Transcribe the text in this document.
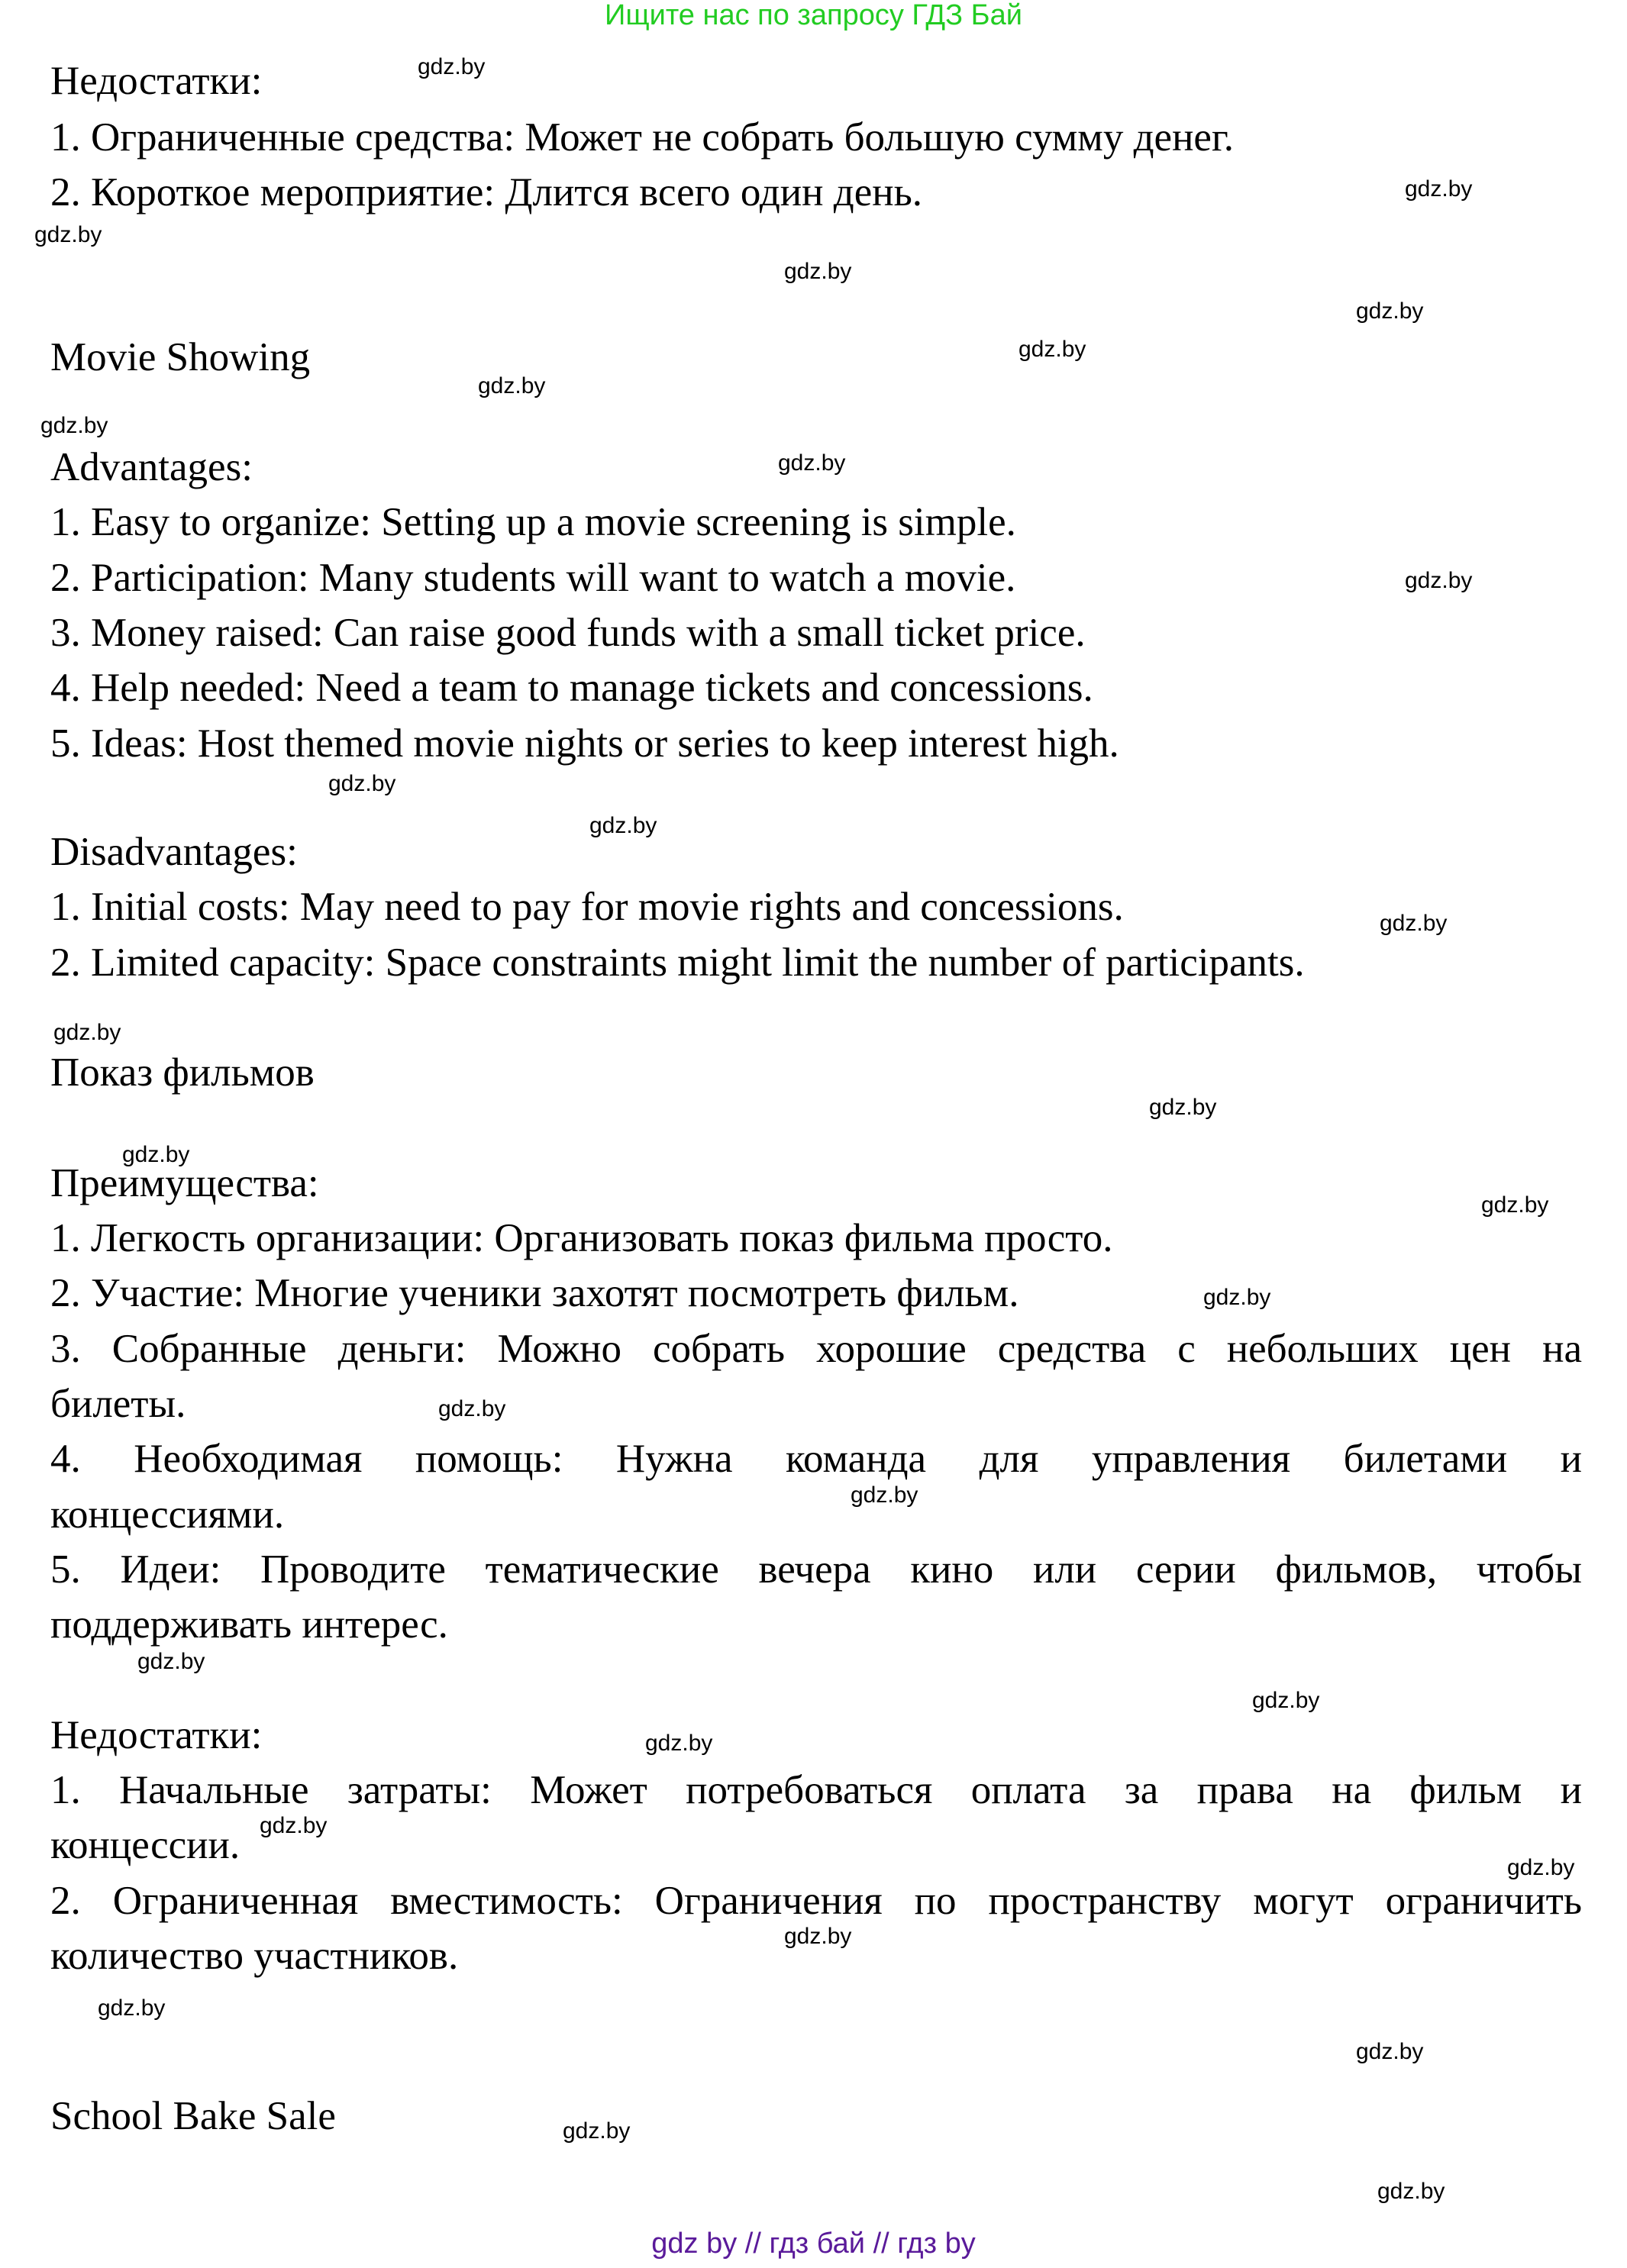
Ищите нас по запросу ГДЗ Бай
Недостатки:
1. Ограниченные средства: Может не собрать большую сумму денег.
2. Короткое мероприятие: Длится всего один день.
Movie Showing
Advantages:
1. Easy to organize: Setting up a movie screening is simple.
2. Participation: Many students will want to watch a movie.
3. Money raised: Can raise good funds with a small ticket price.
4. Help needed: Need a team to manage tickets and concessions.
5. Ideas: Host themed movie nights or series to keep interest high.
Disadvantages:
1. Initial costs: May need to pay for movie rights and concessions.
2. Limited capacity: Space constraints might limit the number of participants.
Показ фильмов
Преимущества:
1. Легкость организации: Организовать показ фильма просто.
2. Участие: Многие ученики захотят посмотреть фильм.
3. Собранные деньги: Можно собрать хорошие средства с небольших цен на
билеты.
4. Необходимая помощь: Нужна команда для управления билетами и
концессиями.
5. Идеи: Проводите тематические вечера кино или серии фильмов, чтобы
поддерживать интерес.
Недостатки:
1. Начальные затраты: Может потребоваться оплата за права на фильм и
концессии.
2. Ограниченная вместимость: Ограничения по пространству могут ограничить
количество участников.
School Bake Sale
gdz.by
gdz.by
gdz.by
gdz.by
gdz.by
gdz.by
gdz.by
gdz.by
gdz.by
gdz.by
gdz.by
gdz.by
gdz.by
gdz.by
gdz.by
gdz.by
gdz.by
gdz.by
gdz.by
gdz.by
gdz.by
gdz.by
gdz.by
gdz.by
gdz.by
gdz.by
gdz.by
gdz.by
gdz.by
gdz.by
gdz by // гдз бай // гдз by
